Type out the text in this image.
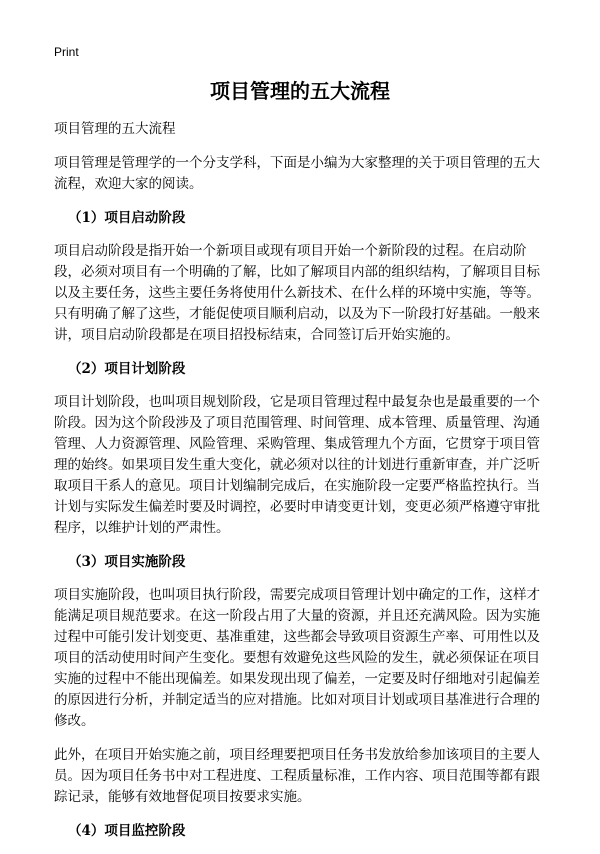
Print
项目管理的五大流程

项目管理的五大流程

项目管理是管理学的一个分支学科，下面是小编为大家整理的关于项目管理的五大流程，欢迎大家的阅读。

（1）项目启动阶段

项目启动阶段是指开始一个新项目或现有项目开始一个新阶段的过程。在启动阶段，必须对项目有一个明确的了解，比如了解项目内部的组织结构，了解项目目标以及主要任务，这些主要任务将使用什么新技术、在什么样的环境中实施，等等。只有明确了解了这些，才能促使项目顺利启动，以及为下一阶段打好基础。一般来讲，项目启动阶段都是在项目招投标结束，合同签订后开始实施的。

（2）项目计划阶段

项目计划阶段，也叫项目规划阶段，它是项目管理过程中最复杂也是最重要的一个阶段。因为这个阶段涉及了项目范围管理、时间管理、成本管理、质量管理、沟通管理、人力资源管理、风险管理、采购管理、集成管理九个方面，它贯穿于项目管理的始终。如果项目发生重大变化，就必须对以往的计划进行重新审查，并广泛听取项目干系人的意见。项目计划编制完成后，在实施阶段一定要严格监控执行。当计划与实际发生偏差时要及时调控，必要时申请变更计划，变更必须严格遵守审批程序，以维护计划的严肃性。

（3）项目实施阶段

项目实施阶段，也叫项目执行阶段，需要完成项目管理计划中确定的工作，这样才能满足项目规范要求。在这一阶段占用了大量的资源，并且还充满风险。因为实施过程中可能引发计划变更、基准重建，这些都会导致项目资源生产率、可用性以及项目的活动使用时间产生变化。要想有效避免这些风险的发生，就必须保证在项目实施的过程中不能出现偏差。如果发现出现了偏差，一定要及时仔细地对引起偏差的原因进行分析，并制定适当的应对措施。比如对项目计划或项目基准进行合理的修改。

此外，在项目开始实施之前，项目经理要把项目任务书发放给参加该项目的主要人员。因为项目任务书中对工程进度、工程质量标准，工作内容、项目范围等都有跟踪记录，能够有效地督促项目按要求实施。

（4）项目监控阶段
